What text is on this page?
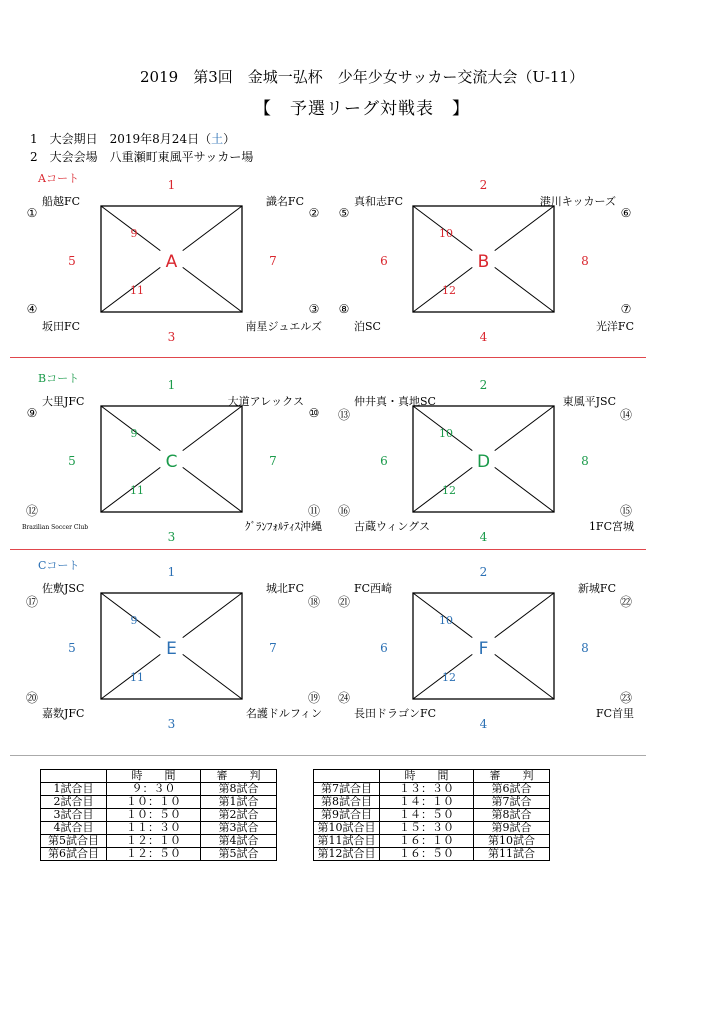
2019　第3回　金城一弘杯　少年少女サッカー交流大会（U-11）
【　予選リーグ対戦表　】
1　大会期日　2019年8月24日（土）
2　大会会場　八重瀬町東風平サッカー場
Aコート	1
5	7
3
9
11
A
①
船越FC
②
識名FC
④
坂田FC
③
南星ジュエルズ
2
6	8
4
10
12
B
⑤
真和志FC
⑥
港川キッカーズ
⑧
泊SC
⑦
光洋FC
Bコート	1
5	7
3
9
11
C
⑨
大里JFC
⑩
大道アレックス
⑫
Brazilian Soccer Club
⑪
ｸﾞﾗﾝﾌｫﾙﾃｨｽ沖縄
2
6	8
4
10
12
D
⑬
仲井真・真地SC
⑭
東風平JSC
⑯
古蔵ウィングス
⑮
1FC宮城
Cコート	1
5	7
3
9
11
E
⑰
佐敷JSC
⑱
城北FC
⑳
嘉数JFC
⑲
名護ドルフィン
2
6	8
4
10
12
F
㉑
FC西崎
㉒
新城FC
㉔
長田ドラゴンFC
㉓
FC首里
	時　　間	審　　判
1試合目	９：３０	第8試合
2試合目	１０：１０	第1試合
3試合目	１０：５０	第2試合
4試合目	１１：３０	第3試合
第5試合目	１２：１０	第4試合
第6試合目	１２：５０	第5試合
	時　　間	審　　判
第7試合目	１３：３０	第6試合
第8試合目	１４：１０	第7試合
第9試合目	１４：５０	第8試合
第10試合目	１５：３０	第9試合
第11試合目	１６：１０	第10試合
第12試合目	１６：５０	第11試合
